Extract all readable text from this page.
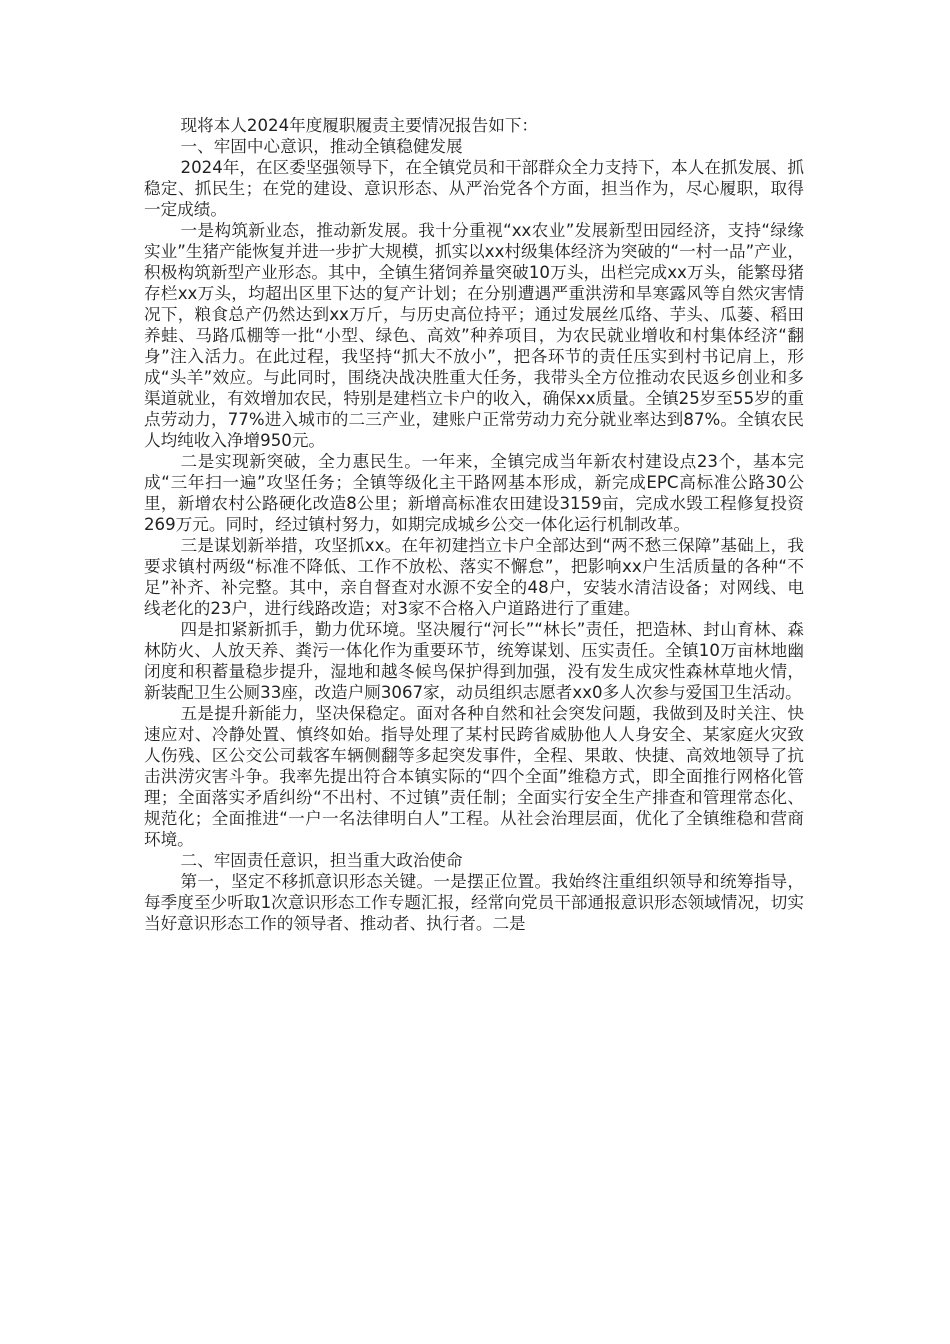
现将本人2024年度履职履责主要情况报告如下：

一、牢固中心意识，推动全镇稳健发展

2024年，在区委坚强领导下，在全镇党员和干部群众全力支持下，本人在抓发展、抓稳定、抓民生；在党的建设、意识形态、从严治党各个方面，担当作为，尽心履职，取得一定成绩。

一是构筑新业态，推动新发展。我十分重视“xx农业”发展新型田园经济，支持“绿缘实业”生猪产能恢复并进一步扩大规模，抓实以xx村级集体经济为突破的“一村一品”产业，积极构筑新型产业形态。其中，全镇生猪饲养量突破10万头，出栏完成xx万头，能繁母猪存栏xx万头，均超出区里下达的复产计划；在分别遭遇严重洪涝和旱寒露风等自然灾害情况下，粮食总产仍然达到xx万斤，与历史高位持平；通过发展丝瓜络、芋头、瓜蒌、稻田养蛙、马路瓜棚等一批“小型、绿色、高效”种养项目，为农民就业增收和村集体经济“翻身”注入活力。在此过程，我坚持“抓大不放小”，把各环节的责任压实到村书记肩上，形成“头羊”效应。与此同时，围绕决战决胜重大任务，我带头全方位推动农民返乡创业和多渠道就业，有效增加农民，特别是建档立卡户的收入，确保xx质量。全镇25岁至55岁的重点劳动力，77%进入城市的二三产业，建账户正常劳动力充分就业率达到87%。全镇农民人均纯收入净增950元。

二是实现新突破，全力惠民生。一年来，全镇完成当年新农村建设点23个，基本完成“三年扫一遍”攻坚任务；全镇等级化主干路网基本形成，新完成EPC高标准公路30公里，新增农村公路硬化改造8公里；新增高标准农田建设3159亩，完成水毁工程修复投资269万元。同时，经过镇村努力，如期完成城乡公交一体化运行机制改革。

三是谋划新举措，攻坚抓xx。在年初建挡立卡户全部达到“两不愁三保障”基础上，我要求镇村两级“标准不降低、工作不放松、落实不懈怠”，把影响xx户生活质量的各种“不足”补齐、补完整。其中，亲自督查对水源不安全的48户，安装水清洁设备；对网线、电线老化的23户，进行线路改造；对3家不合格入户道路进行了重建。

四是扣紧新抓手，勤力优环境。坚决履行“河长”“林长”责任，把造林、封山育林、森林防火、人放天养、粪污一体化作为重要环节，统筹谋划、压实责任。全镇10万亩林地幽闭度和积蓄量稳步提升，湿地和越冬候鸟保护得到加强，没有发生成灾性森林草地火情，新装配卫生公厕33座，改造户厕3067家，动员组织志愿者xx0多人次参与爱国卫生活动。

五是提升新能力，坚决保稳定。面对各种自然和社会突发问题，我做到及时关注、快速应对、冷静处置、慎终如始。指导处理了某村民跨省威胁他人人身安全、某家庭火灾致人伤残、区公交公司载客车辆侧翻等多起突发事件，全程、果敢、快捷、高效地领导了抗击洪涝灾害斗争。我率先提出符合本镇实际的“四个全面”维稳方式，即全面推行网格化管理；全面落实矛盾纠纷“不出村、不过镇”责任制；全面实行安全生产排查和管理常态化、规范化；全面推进“一户一名法律明白人”工程。从社会治理层面，优化了全镇维稳和营商环境。

二、牢固责任意识，担当重大政治使命

第一，坚定不移抓意识形态关键。一是摆正位置。我始终注重组织领导和统筹指导，每季度至少听取1次意识形态工作专题汇报，经常向党员干部通报意识形态领域情况，切实当好意识形态工作的领导者、推动者、执行者。二是
